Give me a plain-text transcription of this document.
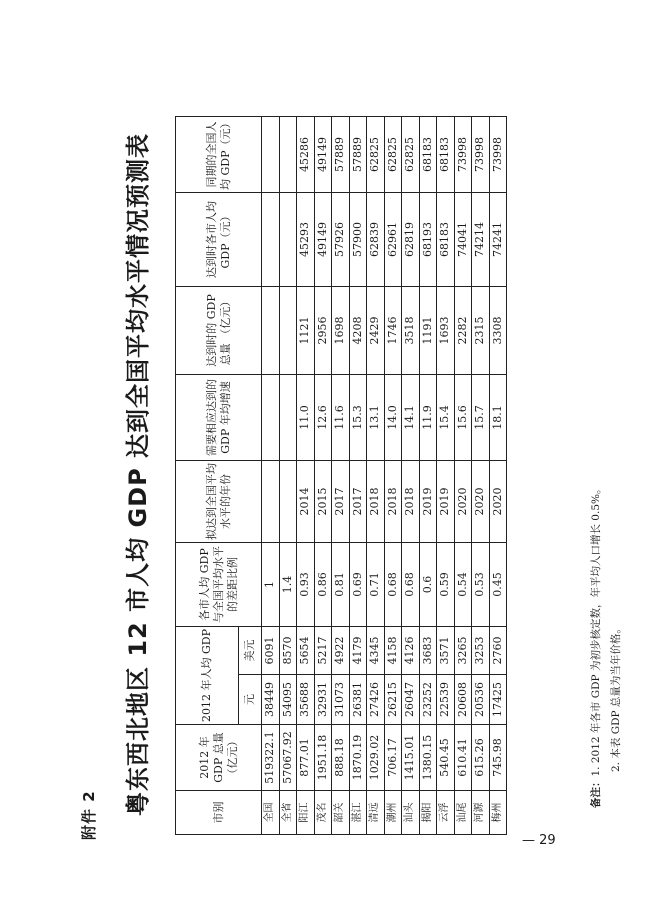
附件 2 粤东西北地区 12 市人均 GDP 达到全国平均水平情况预测表	市别	2012 年 GDP 总量 （亿元）	2012 年人均 GDP		各市人均 GDP 与全国平均水平的差距比例	拟达到全国平均水平的年份	需要相应达到的 GDP 年均增速	达到时的 GDP 总量 （亿元）	达到时各市人均 GDP（元）	同期的全国人均 GDP（元）
		元	美元						
全国	519322.1	38449	6091	1					
全省	57067.92	54095	8570	1.4					
阳江	877.01	35688	5654	0.93	2014	11.0	1121	45293	45286
茂名	1951.18	32931	5217	0.86	2015	12.6	2956	49149	49149
韶关	888.18	31073	4922	0.81	2017	11.6	1698	57926	57889
湛江	1870.19	26381	4179	0.69	2017	15.3	4208	57900	57889
清远	1029.02	27426	4345	0.71	2018	13.1	2429	62839	62825
潮州	706.17	26215	4158	0.68	2018	14.0	1746	62961	62825
汕头	1415.01	26047	4126	0.68	2018	14.1	3518	62819	62825
揭阳	1380.15	23252	3683	0.6	2019	11.9	1191	68193	68183
云浮	540.45	22539	3571	0.59	2019	15.4	1693	68183	68183
汕尾	610.41	20608	3265	0.54	2020	15.6	2282	74041	73998
河源	615.26	20536	3253	0.53	2020	15.7	2315	74214	73998
梅州	745.98	17425	2760	0.45	2020	18.1	3308	74241	73998
备注：1. 2012 年各市 GDP 为初步核定数，年平均人口增长 0.5%。 2. 本表 GDP 总量为当年价格。
— 29
